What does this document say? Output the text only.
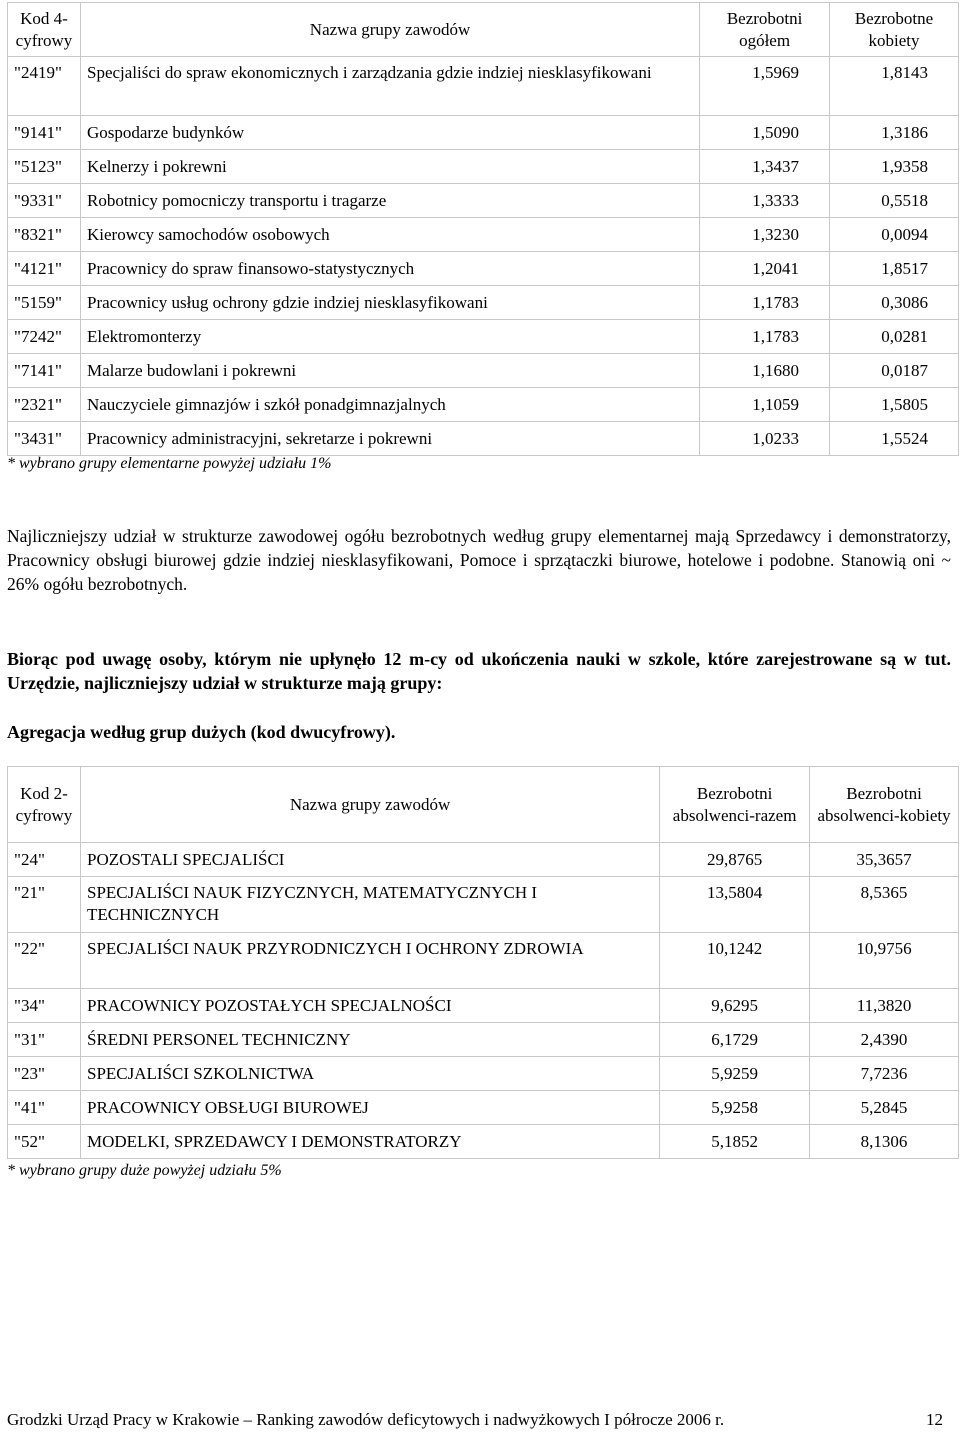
Kod 4-cyfrowy	Nazwa grupy zawodów	Bezrobotni ogółem	Bezrobotne kobiety
"2419"	Specjaliści do spraw ekonomicznych i zarządzania gdzie indziej niesklasyfikowani	1,5969	1,8143
"9141"	Gospodarze budynków	1,5090	1,3186
"5123"	Kelnerzy i pokrewni	1,3437	1,9358
"9331"	Robotnicy pomocniczy transportu i tragarze	1,3333	0,5518
"8321"	Kierowcy samochodów osobowych	1,3230	0,0094
"4121"	Pracownicy do spraw finansowo-statystycznych	1,2041	1,8517
"5159"	Pracownicy usług ochrony gdzie indziej niesklasyfikowani	1,1783	0,3086
"7242"	Elektromonterzy	1,1783	0,0281
"7141"	Malarze budowlani i pokrewni	1,1680	0,0187
"2321"	Nauczyciele gimnazjów i szkół ponadgimnazjalnych	1,1059	1,5805
"3431"	Pracownicy administracyjni, sekretarze i pokrewni	1,0233	1,5524
* wybrano grupy elementarne powyżej udziału 1%
Najliczniejszy udział w strukturze zawodowej ogółu bezrobotnych według grupy elementarnej mają Sprzedawcy i demonstratorzy, Pracownicy obsługi biurowej gdzie indziej niesklasyfikowani, Pomoce i sprzątaczki biurowe, hotelowe i podobne. Stanowią oni ~ 26% ogółu bezrobotnych.
Biorąc pod uwagę osoby, którym nie upłynęło 12 m-cy od ukończenia nauki w szkole, które zarejestrowane są w tut. Urzędzie, najliczniejszy udział w strukturze mają grupy:
Agregacja według grup dużych (kod dwucyfrowy).
Kod 2-cyfrowy	Nazwa grupy zawodów	Bezrobotni absolwenci-razem	Bezrobotni absolwenci-kobiety
"24"	POZOSTALI SPECJALIŚCI	29,8765	35,3657
"21"	SPECJALIŚCI NAUK FIZYCZNYCH, MATEMATYCZNYCH I TECHNICZNYCH	13,5804	8,5365
"22"	SPECJALIŚCI NAUK PRZYRODNICZYCH I OCHRONY ZDROWIA	10,1242	10,9756
"34"	PRACOWNICY POZOSTAŁYCH SPECJALNOŚCI	9,6295	11,3820
"31"	ŚREDNI PERSONEL TECHNICZNY	6,1729	2,4390
"23"	SPECJALIŚCI SZKOLNICTWA	5,9259	7,7236
"41"	PRACOWNICY OBSŁUGI BIUROWEJ	5,9258	5,2845
"52"	MODELKI, SPRZEDAWCY I DEMONSTRATORZY	5,1852	8,1306
* wybrano grupy duże powyżej udziału 5%
Grodzki Urząd Pracy w Krakowie – Ranking zawodów deficytowych i nadwyżkowych I półrocze 2006 r.	12
